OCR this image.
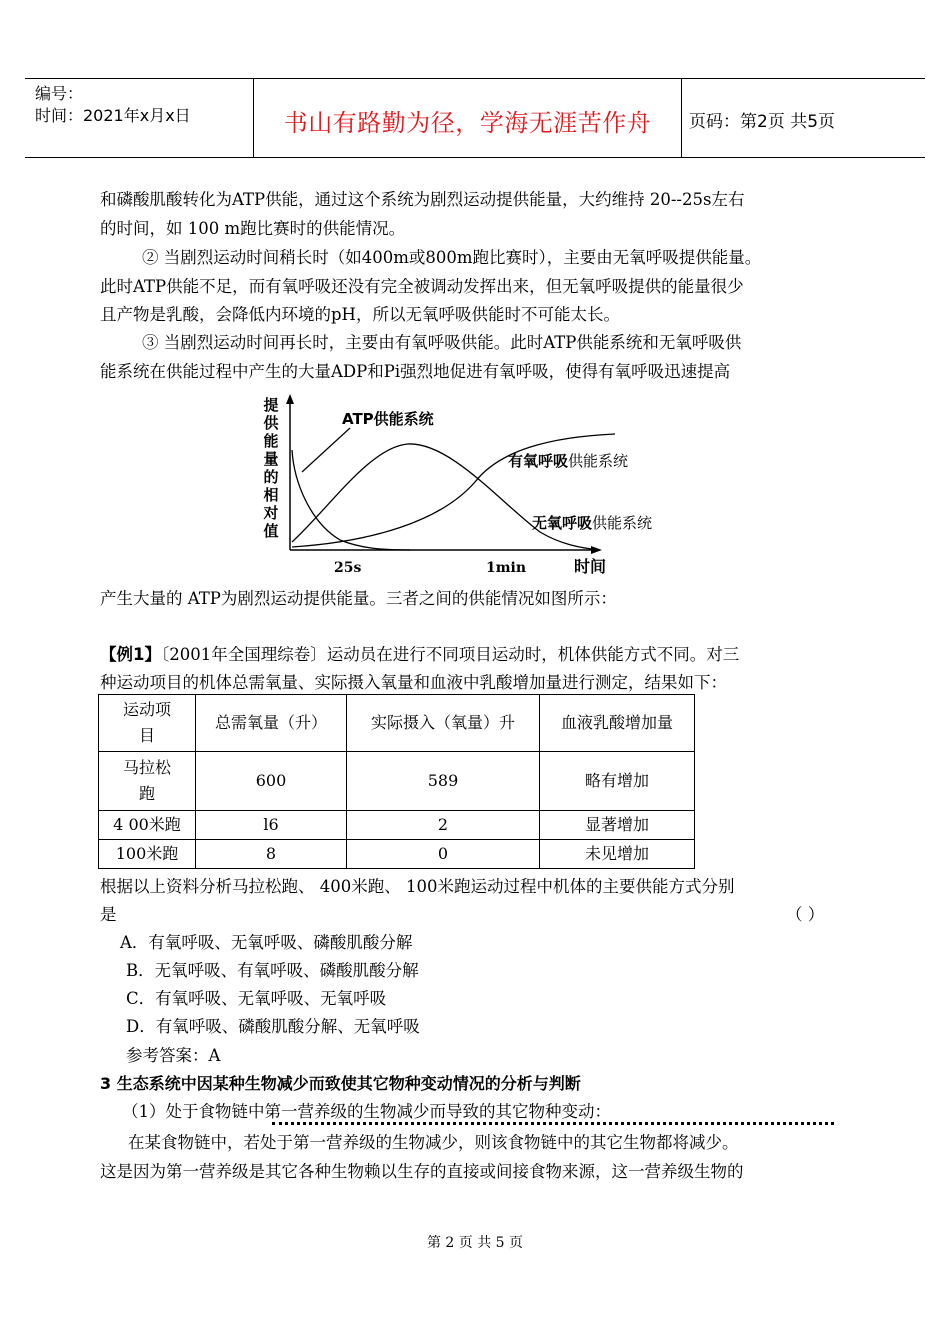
编号：
时间：2021年x月x日	书山有路勤为径，学海无涯苦作舟	页码：第2页 共5页
和磷酸肌酸转化为ATP供能，通过这个系统为剧烈运动提供能量，大约维持 20--25s左右
的时间，如 100 m跑比赛时的供能情况。
② 当剧烈运动时间稍长时（如400m或800m跑比赛时），主要由无氧呼吸提供能量。
此时ATP供能不足，而有氧呼吸还没有完全被调动发挥出来，但无氧呼吸提供的能量很少
且产物是乳酸，会降低内环境的pH，所以无氧呼吸供能时不可能太长。
③ 当剧烈运动时间再长时，主要由有氧呼吸供能。此时ATP供能系统和无氧呼吸供
能系统在供能过程中产生的大量ADP和Pi强烈地促进有氧呼吸，使得有氧呼吸迅速提高
提供能量的相对值
ATP供能系统
有氧呼吸供能系统
无氧呼吸供能系统
25s	1min	时间
产生大量的 ATP为剧烈运动提供能量。三者之间的供能情况如图所示：
【例1】〔2001年全国理综卷〕运动员在进行不同项目运动时，机体供能方式不同。对三
种运动项目的机体总需氧量、实际摄入氧量和血液中乳酸增加量进行测定，结果如下：
运动项目	总需氧量（升）	实际摄入（氧量）升	血液乳酸增加量

马拉松跑	600	589	略有增加
4 00米跑	l6	2	显著增加
100米跑	8	0	未见增加
根据以上资料分析马拉松跑、 400米跑、 100米跑运动过程中机体的主要供能方式分别
是	（ ）
A．有氧呼吸、无氧呼吸、磷酸肌酸分解
B．无氧呼吸、有氧呼吸、磷酸肌酸分解
C．有氧呼吸、无氧呼吸、无氧呼吸
D．有氧呼吸、磷酸肌酸分解、无氧呼吸
参考答案：A
3 生态系统中因某种生物减少而致使其它物种变动情况的分析与判断
（1）处于食物链中第一营养级的生物减少而导致的其它物种变动：
在某食物链中，若处于第一营养级的生物减少，则该食物链中的其它生物都将减少。
这是因为第一营养级是其它各种生物赖以生存的直接或间接食物来源，这一营养级生物的
第 2 页 共 5 页
